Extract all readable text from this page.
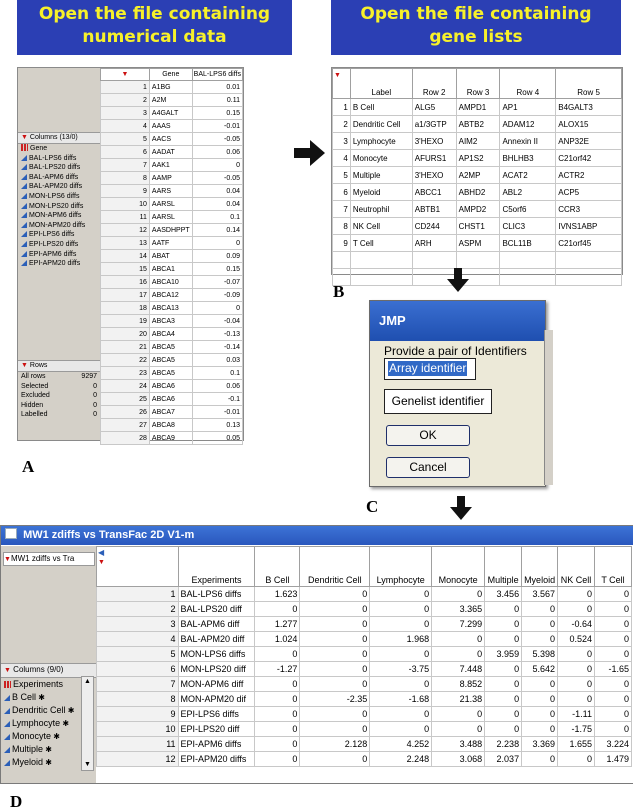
Open the file containing
numerical data
Open the file containing
gene lists
▼ Columns (13/0)
Gene
BAL-LPS6 diffs
BAL-LPS20 diffs
BAL-APM6 diffs
BAL-APM20 diffs
MON-LPS6 diffs
MON-LPS20 diffs
MON-APM6 diffs
MON-APM20 diffs
EPI-LPS6 diffs
EPI-LPS20 diffs
EPI-APM6 diffs
EPI-APM20 diffs
▼ Rows
All rows	9297
Selected	0
Excluded	0
Hidden	0
Labelled	0
▼	Gene	BAL-LPS6 diffs
1	A1BG	0.01
2	A2M	0.11
3	A4GALT	0.15
4	AAAS	-0.01
5	AACS	-0.05
6	AADAT	0.06
7	AAK1	0
8	AAMP	-0.05
9	AARS	0.04
10	AARSL	0.04
11	AARSL	0.1
12	AASDHPPT	0.14
13	AATF	0
14	ABAT	0.09
15	ABCA1	0.15
16	ABCA10	-0.07
17	ABCA12	-0.09
18	ABCA13	0
19	ABCA3	-0.04
20	ABCA4	-0.13
21	ABCA5	-0.14
22	ABCA5	0.03
23	ABCA5	0.1
24	ABCA6	0.06
25	ABCA6	-0.1
26	ABCA7	-0.01
27	ABCA8	0.13
28	ABCA9	0.05
▼	Label	Row 2	Row 3	Row 4	Row 5
1	B Cell	ALG5	AMPD1	AP1	B4GALT3
2	Dendritic Cell	a1/3GTP	ABTB2	ADAM12	ALOX15
3	Lymphocyte	3'HEXO	AIM2	Annexin II	ANP32E
4	Monocyte	AFURS1	AP1S2	BHLHB3	C21orf42
5	Multiple	3'HEXO	A2MP	ACAT2	ACTR2
6	Myeloid	ABCC1	ABHD2	ABL2	ACP5
7	Neutrophil	ABTB1	AMPD2	C5orf6	CCR3
8	NK Cell	CD244	CHST1	CLIC3	IVNS1ABP
9	T Cell	ARH	ASPM	BCL11B	C21orf45

B
JMP
Provide a pair of Identifiers
Array identifier
Genelist identifier
OK
Cancel
A
C
MW1 zdiffs vs TransFac 2D V1-m
▼MW1 zdiffs vs Tra
▼ Columns (9/0)
Experiments
B Cell ✱
Dendritic Cell ✱
Lymphocyte ✱
Monocyte ✱
Multiple ✱
Myeloid ✱
▲
▼
◀
▼	Experiments	B Cell	Dendritic Cell	Lymphocyte	Monocyte	Multiple	Myeloid	NK Cell	T Cell
1	BAL-LPS6 diffs	1.623	0	0	0	3.456	3.567	0	0
2	BAL-LPS20 diff	0	0	0	3.365	0	0	0	0
3	BAL-APM6 diff	1.277	0	0	7.299	0	0	-0.64	0
4	BAL-APM20 diff	1.024	0	1.968	0	0	0	0.524	0
5	MON-LPS6 diffs	0	0	0	0	3.959	5.398	0	0
6	MON-LPS20 diff	-1.27	0	-3.75	7.448	0	5.642	0	-1.65
7	MON-APM6 diff	0	0	0	8.852	0	0	0	0
8	MON-APM20 dif	0	-2.35	-1.68	21.38	0	0	0	0
9	EPI-LPS6 diffs	0	0	0	0	0	0	-1.11	0
10	EPI-LPS20 diff	0	0	0	0	0	0	-1.75	0
11	EPI-APM6 diffs	0	2.128	4.252	3.488	2.238	3.369	1.655	3.224
12	EPI-APM20 diffs	0	0	2.248	3.068	2.037	0	0	1.479
D
